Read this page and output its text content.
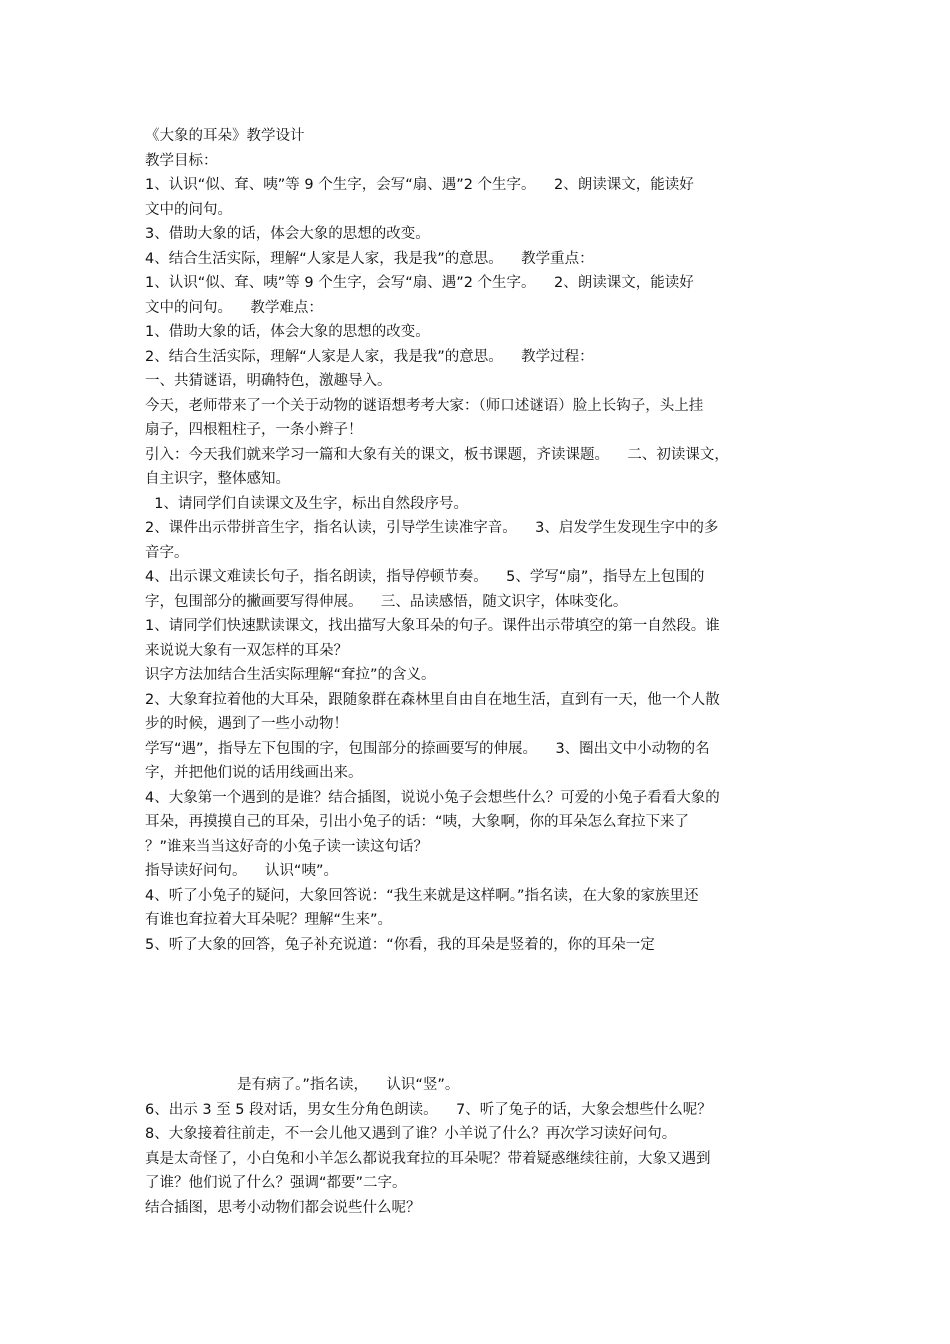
《大象的耳朵》教学设计
教学目标：
1、认识“似、耷、咦”等 9 个生字，会写“扇、遇”2 个生字。    2、朗读课文，能读好
文中的问句。
3、借助大象的话，体会大象的思想的改变。
4、结合生活实际，理解“人家是人家，我是我”的意思。    教学重点：
1、认识“似、耷、咦”等 9 个生字，会写“扇、遇”2 个生字。    2、朗读课文，能读好
文中的问句。    教学难点：
1、借助大象的话，体会大象的思想的改变。
2、结合生活实际，理解“人家是人家，我是我”的意思。    教学过程：
一、共猜谜语，明确特色，激趣导入。
今天，老师带来了一个关于动物的谜语想考考大家：（师口述谜语）脸上长钩子，头上挂
扇子，四根粗柱子，一条小辫子！
引入：今天我们就来学习一篇和大象有关的课文，板书课题，齐读课题。    二、初读课文，
自主识字，整体感知。
1、请同学们自读课文及生字，标出自然段序号。
2、课件出示带拼音生字，指名认读，引导学生读准字音。    3、启发学生发现生字中的多
音字。
4、出示课文难读长句子，指名朗读，指导停顿节奏。    5、学写“扇”，指导左上包围的
字，包围部分的撇画要写得伸展。    三、品读感悟，随文识字，体味变化。
1、请同学们快速默读课文，找出描写大象耳朵的句子。课件出示带填空的第一自然段。谁
来说说大象有一双怎样的耳朵？
识字方法加结合生活实际理解“耷拉”的含义。
2、大象耷拉着他的大耳朵，跟随象群在森林里自由自在地生活，直到有一天，他一个人散
步的时候，遇到了一些小动物！
学写“遇”，指导左下包围的字，包围部分的捺画要写的伸展。    3、圈出文中小动物的名
字，并把他们说的话用线画出来。
4、大象第一个遇到的是谁？结合插图，说说小兔子会想些什么？可爱的小兔子看看大象的
耳朵，再摸摸自己的耳朵，引出小兔子的话：“咦，大象啊，你的耳朵怎么耷拉下来了
？”谁来当当这好奇的小兔子读一读这句话？
指导读好问句。    认识“咦”。
4、听了小兔子的疑问，大象回答说：“我生来就是这样啊。”指名读，在大象的家族里还
有谁也耷拉着大耳朵呢？理解“生来”。
5、听了大象的回答，兔子补充说道：“你看，我的耳朵是竖着的，你的耳朵一定
是有病了。”指名读，    认识“竖”。
6、出示 3 至 5 段对话，男女生分角色朗读。    7、听了兔子的话，大象会想些什么呢？
8、大象接着往前走，不一会儿他又遇到了谁？小羊说了什么？再次学习读好问句。
真是太奇怪了，小白兔和小羊怎么都说我耷拉的耳朵呢？带着疑惑继续往前，大象又遇到
了谁？他们说了什么？强调“都要”二字。
结合插图，思考小动物们都会说些什么呢？
